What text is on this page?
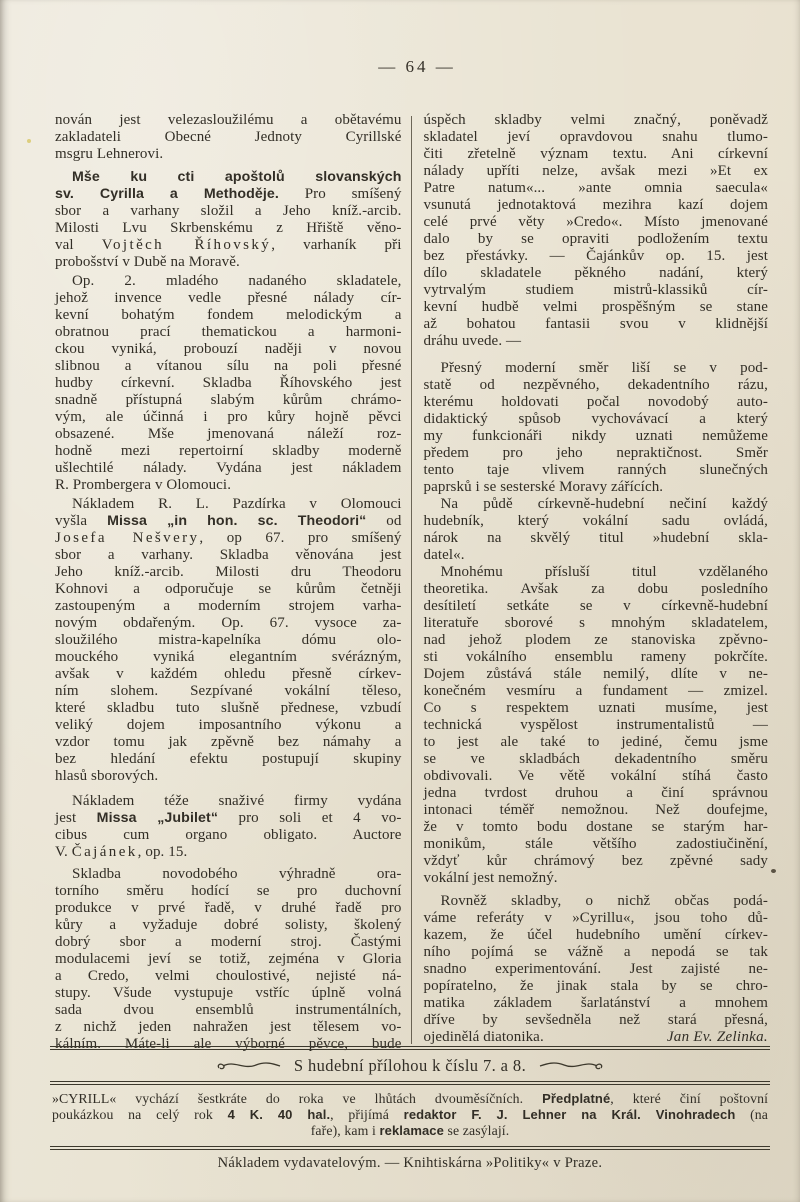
— 64 —
nován jest velezasloužilému a obětavému
zakladateli Obecné Jednoty Cyrillské
msgru Lehnerovi.
Mše ku cti apoštolů slovanských
sv. Cyrilla a Methoděje. Pro smíšený
sbor a varhany složil a Jeho kníž.-arcib.
Milosti Lvu Skrbenskému z Hřiště věno-
val Vojtěch Říhovský, varhaník při
probošství v Dubě na Moravě.
Op. 2. mladého nadaného skladatele,
jehož invence vedle přesné nálady cír-
kevní bohatým fondem melodickým a
obratnou prací thematickou a harmoni-
ckou vyniká, probouzí naději v novou
slibnou a vítanou sílu na poli přesné
hudby církevní. Skladba Říhovského jest
snadně přístupná slabým kůrům chrámo-
vým, ale účinná i pro kůry hojně pěvci
obsazené. Mše jmenovaná náleží roz-
hodně mezi repertoirní skladby moderně
ušlechtilé nálady. Vydána jest nákladem
R. Prombergera v Olomouci.
Nákladem R. L. Pazdírka v Olomouci
vyšla Missa „in hon. sc. Theodori“ od
Josefa Nešvery, op 67. pro smíšený
sbor a varhany. Skladba věnována jest
Jeho kníž.-arcib. Milosti dru Theodoru
Kohnovi a odporučuje se kůrům četněji
zastoupeným a moderním strojem varha-
novým obdařeným. Op. 67. vysoce za-
sloužilého mistra-kapelníka dómu olo-
mouckého vyniká elegantním svérázným,
avšak v každém ohledu přesně církev-
ním slohem. Sezpívané vokální těleso,
které skladbu tuto slušně přednese, vzbudí
veliký dojem imposantního výkonu a
vzdor tomu jak zpěvně bez námahy a
bez hledání efektu postupují skupiny
hlasů sborových.
Nákladem téže snaživé firmy vydána
jest Missa „Jubilet“ pro soli et 4 vo-
cibus cum organo obligato. Auctore
V. Čajánek, op. 15.
Skladba novodobého výhradně ora-
torního směru hodící se pro duchovní
produkce v prvé řadě, v druhé řadě pro
kůry a vyžaduje dobré solisty, školený
dobrý sbor a moderní stroj. Častými
modulacemi jeví se totiž, zejména v Gloria
a Credo, velmi choulostivé, nejisté ná-
stupy. Všude vystupuje vstříc úplně volná
sada dvou ensemblů instrumentálních,
z nichž jeden nahražen jest tělesem vo-
kálním. Máte-li ale výborné pěvce, bude
úspěch skladby velmi značný, poněvadž
skladatel jeví opravdovou snahu tlumo-
čiti zřetelně význam textu. Ani církevní
nálady upříti nelze, avšak mezi »Et ex
Patre natum«... »ante omnia saecula«
vsunutá jednotaktová mezihra kazí dojem
celé prvé věty »Credo«. Místo jmenované
dalo by se opraviti podložením textu
bez přestávky. — Čajánkův op. 15. jest
dílo skladatele pěkného nadání, který
vytrvalým studiem mistrů-klassiků cír-
kevní hudbě velmi prospěšným se stane
až bohatou fantasii svou v klidnější
dráhu uvede. —
Přesný moderní směr liší se v pod-
statě od nezpěvného, dekadentního rázu,
kterému holdovati počal novodobý auto-
didaktický spůsob vychovávací a který
my funkcionáři nikdy uznati nemůžeme
předem pro jeho nepraktičnost. Směr
tento taje vlivem ranných slunečných
paprsků i se sesterské Moravy zářících.
Na půdě církevně-hudební nečiní každý
hudebník, který vokální sadu ovládá,
nárok na skvělý titul »hudební skla-
datel«.
Mnohému přísluší titul vzdělaného
theoretika. Avšak za dobu posledního
desítiletí setkáte se v církevně-hudební
literatuře sborové s mnohým skladatelem,
nad jehož plodem ze stanoviska zpěvno-
sti vokálního ensemblu rameny pokrčíte.
Dojem zůstává stále nemilý, dlíte v ne-
konečném vesmíru a fundament — zmizel.
Co s respektem uznati musíme, jest
technická vyspělost instrumentalistů —
to jest ale také to jediné, čemu jsme
se ve skladbách dekadentního směru
obdivovali. Ve větě vokální stíhá často
jedna tvrdost druhou a činí správnou
intonaci téměř nemožnou. Než doufejme,
že v tomto bodu dostane se starým har-
monikům, stále většího zadostiučinění,
vždyť kůr chrámový bez zpěvné sady
vokální jest nemožný.
Rovněž skladby, o nichž občas podá-
váme referáty v »Cyrillu«, jsou toho dů-
kazem, že účel hudebního umění církev-
ního pojímá se vážně a nepodá se tak
snadno experimentování. Jest zajisté ne-
popíratelno, že jinak stala by se chro-
matika základem šarlatánství a mnohem
dříve by sevšedněla než stará přesná,
ojedinělá diatonika.	Jan Ev. Zelinka.
S hudební přílohou k číslu 7. a 8.
»CYRILL« vychází šestkráte do roka ve lhůtách dvouměsíčních. Předplatné, které činí poštovní
poukázkou na celý rok 4 K. 40 hal., přijímá redaktor F. J. Lehner na Král. Vinohradech (na
faře), kam i reklamace se zasýlají.
Nákladem vydavatelovým. — Knihtiskárna »Politiky« v Praze.
